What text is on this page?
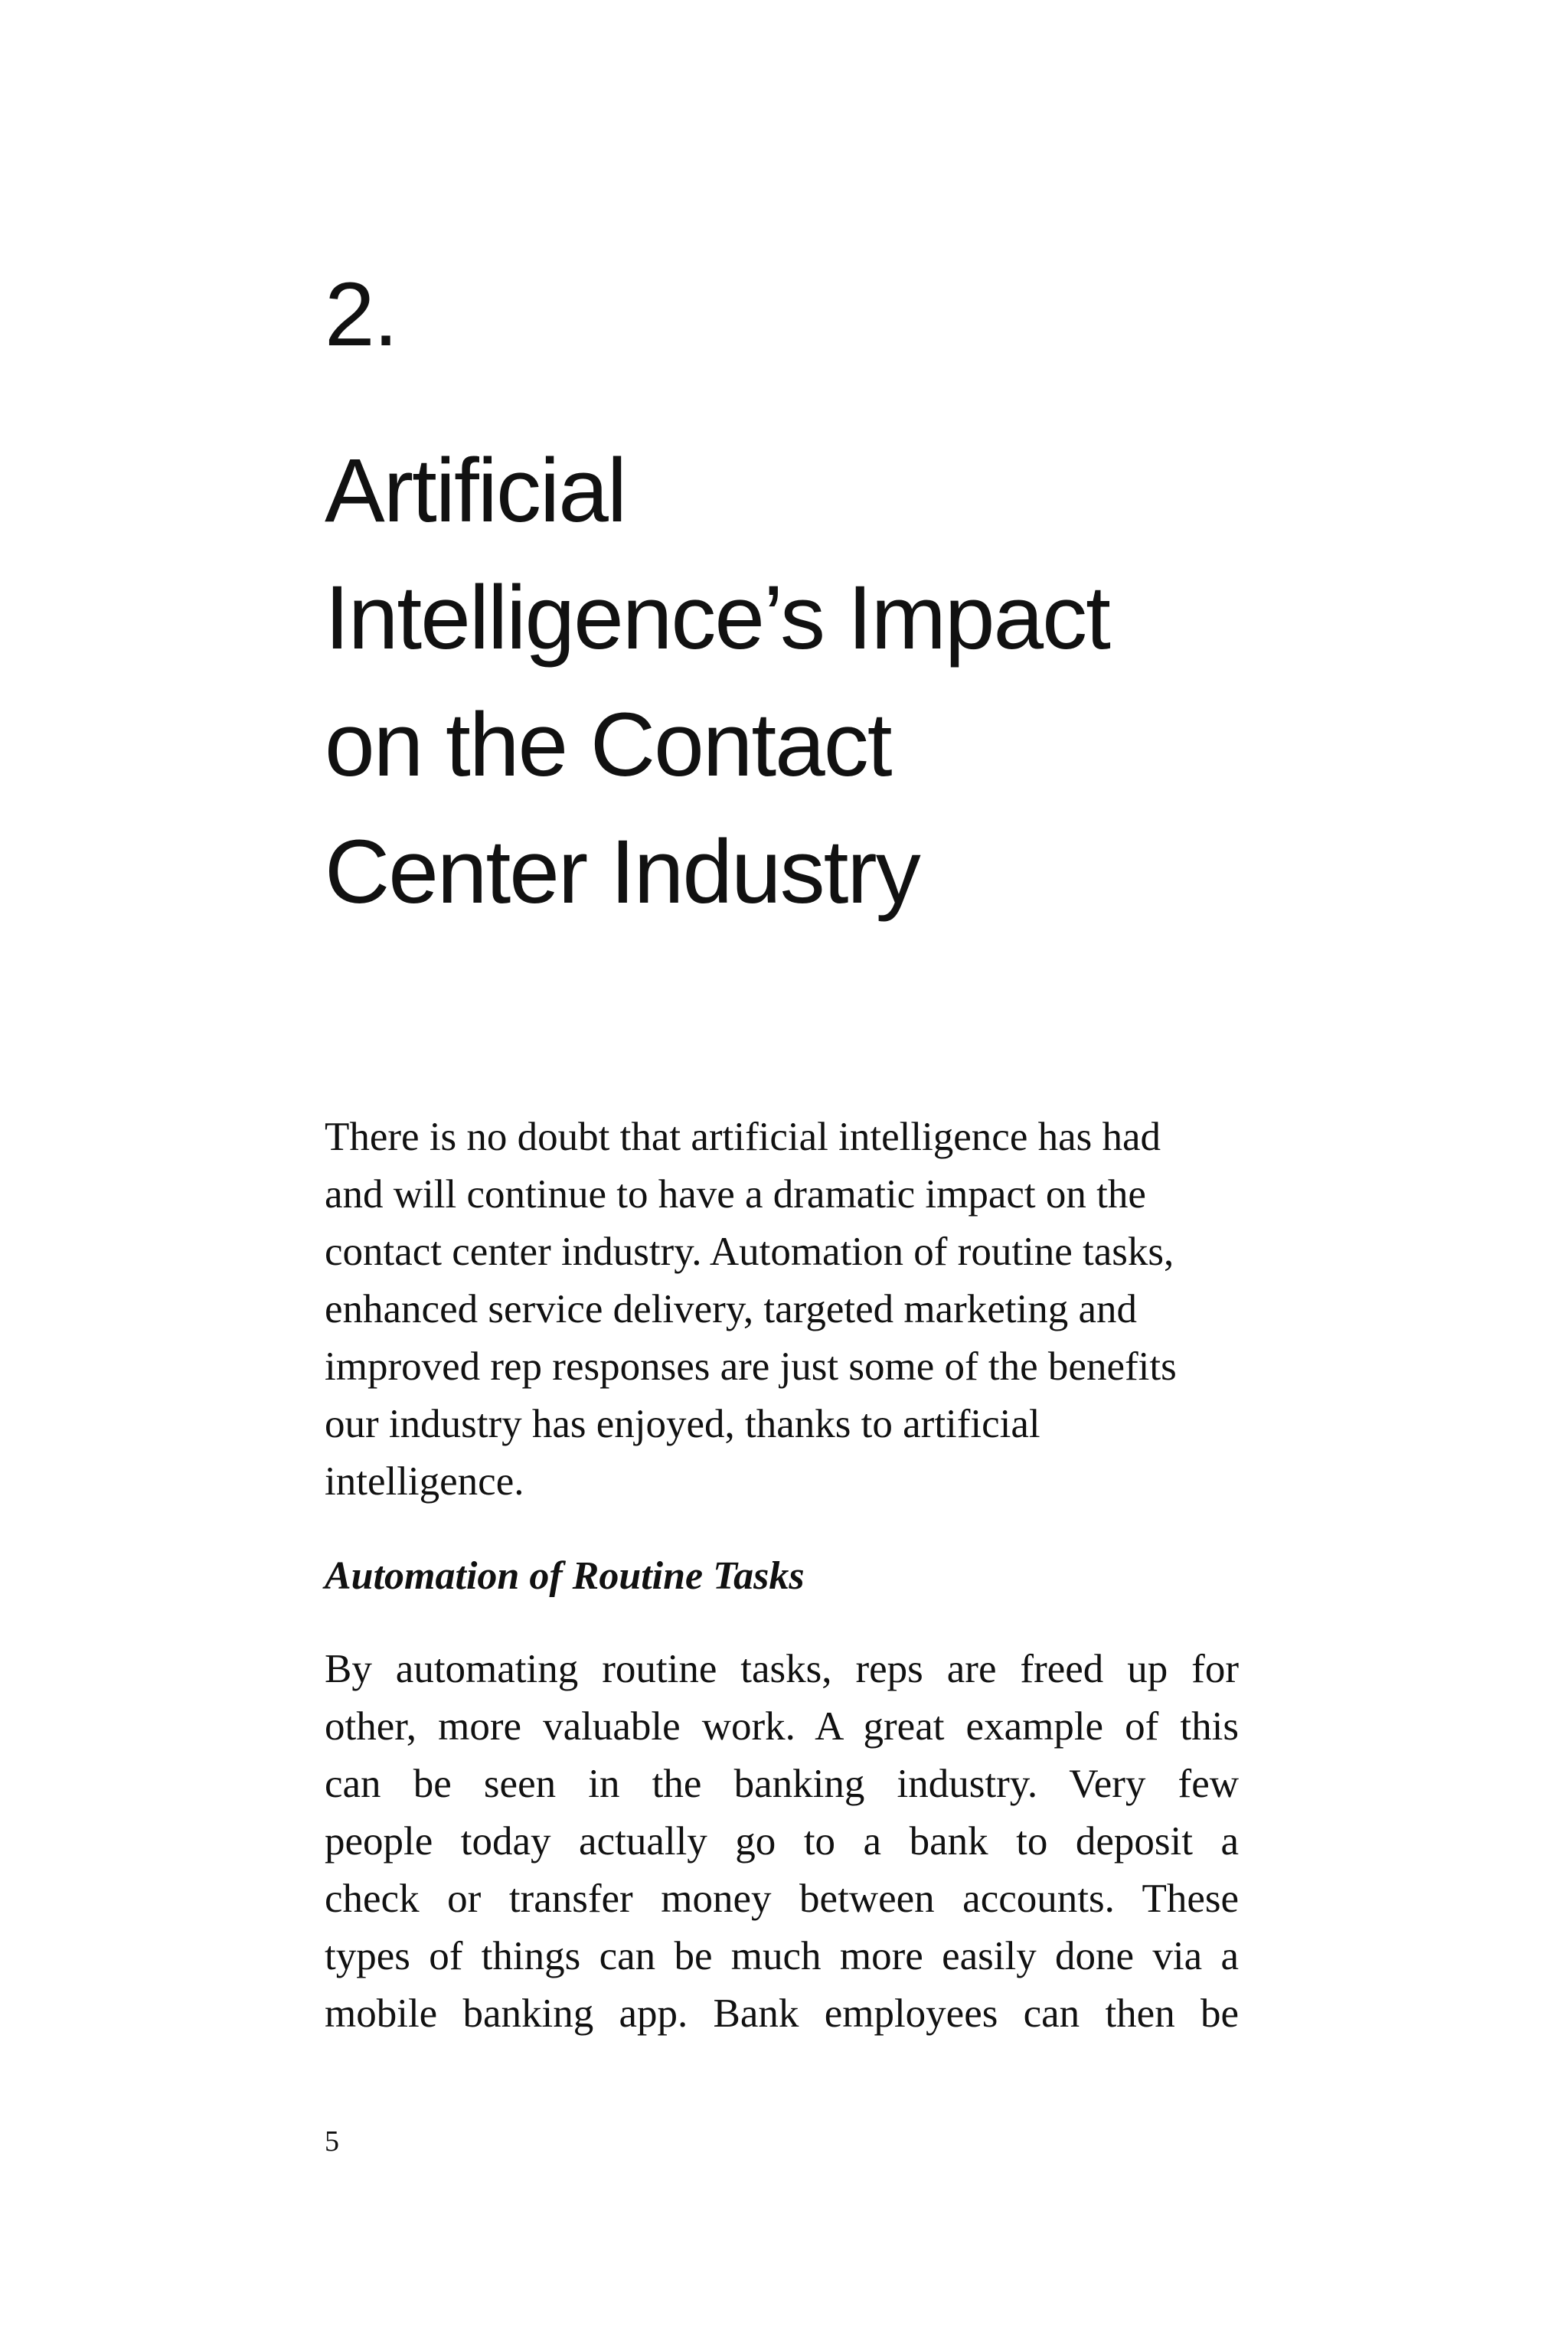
2.
Artificial
Intelligence’s Impact
on the Contact
Center Industry

There is no doubt that artificial intelligence has had
and will continue to have a dramatic impact on the
contact center industry. Automation of routine tasks,
enhanced service delivery, targeted marketing and
improved rep responses are just some of the benefits
our industry has enjoyed, thanks to artificial
intelligence.

Automation of Routine Tasks

By automating routine tasks, reps are freed up for
other, more valuable work. A great example of this
can be seen in the banking industry. Very few
people today actually go to a bank to deposit a
check or transfer money between accounts. These
types of things can be much more easily done via a
mobile banking app. Bank employees can then be

5
